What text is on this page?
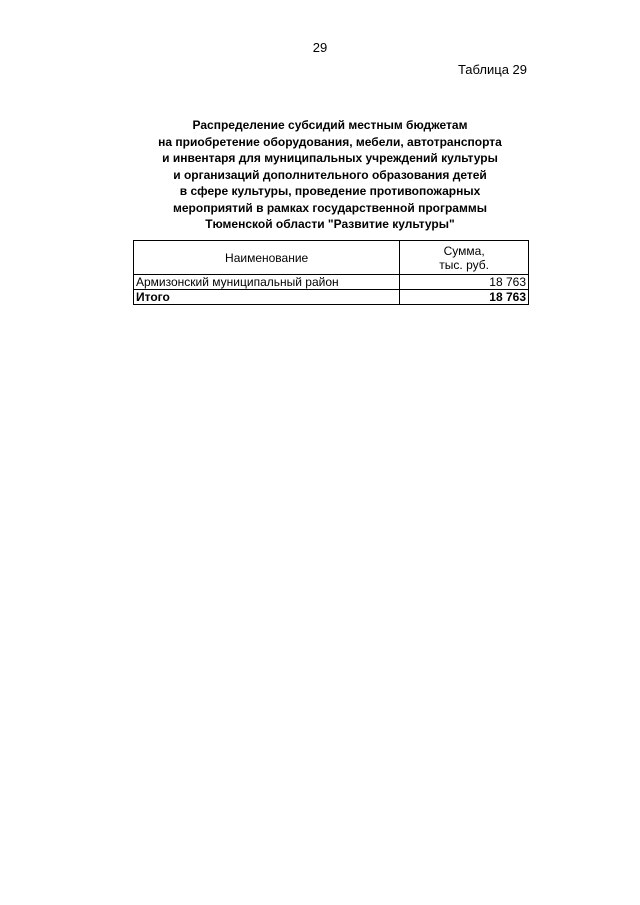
29
Таблица 29
Распределение субсидий местным бюджетам
на приобретение оборудования, мебели, автотранспорта
и инвентаря для муниципальных учреждений культуры
и организаций дополнительного образования детей
в сфере культуры, проведение противопожарных
мероприятий в рамках государственной программы
Тюменской области "Развитие культуры"
Наименование	Сумма,
тыс. руб.

Армизонский муниципальный район	18 763
Итого	18 763
